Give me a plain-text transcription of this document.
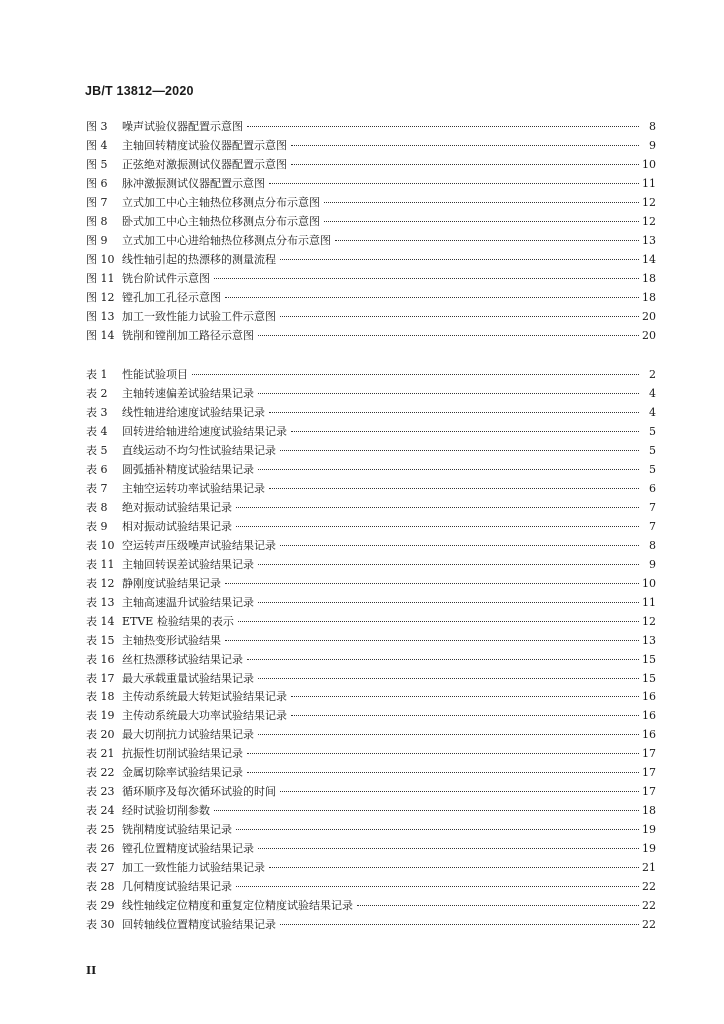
JB/T 13812—2020
图 3	噪声试验仪器配置示意图	8
图 4	主轴回转精度试验仪器配置示意图	9
图 5	正弦绝对激振测试仪器配置示意图	10
图 6	脉冲激振测试仪器配置示意图	11
图 7	立式加工中心主轴热位移测点分布示意图	12
图 8	卧式加工中心主轴热位移测点分布示意图	12
图 9	立式加工中心进给轴热位移测点分布示意图	13
图 10 线性轴引起的热漂移的测量流程	14
图 11 铣台阶试件示意图	18
图 12 镗孔加工孔径示意图	18
图 13 加工一致性能力试验工件示意图	20
图 14 铣削和镗削加工路径示意图	20
表 1	性能试验项目	2
表 2	主轴转速偏差试验结果记录	4
表 3	线性轴进给速度试验结果记录	4
表 4	回转进给轴进给速度试验结果记录	5
表 5	直线运动不均匀性试验结果记录	5
表 6	圆弧插补精度试验结果记录	5
表 7	主轴空运转功率试验结果记录	6
表 8	绝对振动试验结果记录	7
表 9	相对振动试验结果记录	7
表 10 空运转声压级噪声试验结果记录	8
表 11 主轴回转误差试验结果记录	9
表 12 静刚度试验结果记录	10
表 13 主轴高速温升试验结果记录	11
表 14 ETVE 检验结果的表示	12
表 15 主轴热变形试验结果	13
表 16 丝杠热漂移试验结果记录	15
表 17 最大承载重量试验结果记录	15
表 18 主传动系统最大转矩试验结果记录	16
表 19 主传动系统最大功率试验结果记录	16
表 20 最大切削抗力试验结果记录	16
表 21 抗振性切削试验结果记录	17
表 22 金属切除率试验结果记录	17
表 23 循环顺序及每次循环试验的时间	17
表 24 经时试验切削参数	18
表 25 铣削精度试验结果记录	19
表 26 镗孔位置精度试验结果记录	19
表 27 加工一致性能力试验结果记录	21
表 28 几何精度试验结果记录	22
表 29 线性轴线定位精度和重复定位精度试验结果记录	22
表 30 回转轴线位置精度试验结果记录	22
II
